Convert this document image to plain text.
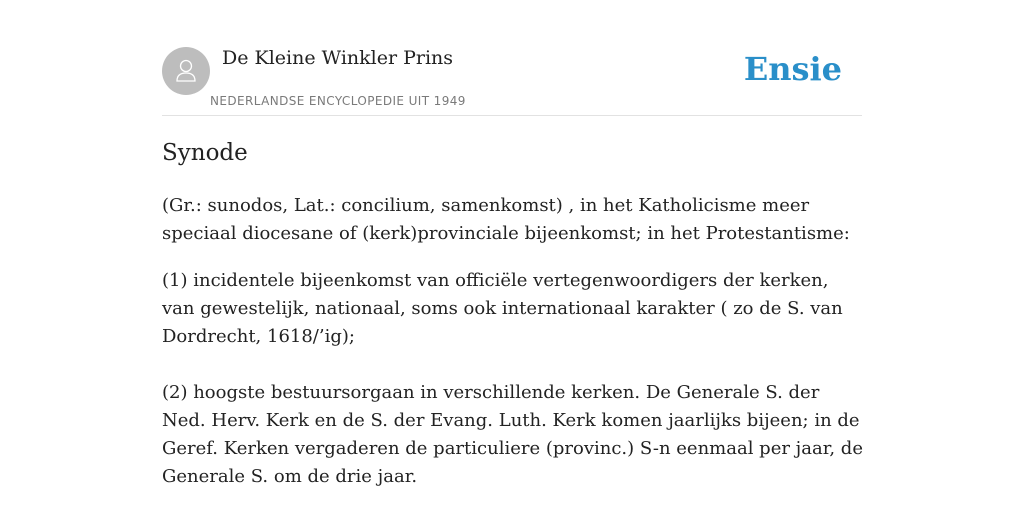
De Kleine Winkler Prins
NEDERLANDSE ENCYCLOPEDIE UIT 1949
Ensie
Synode

(Gr.: sunodos, Lat.: concilium, samenkomst) , in het Katholicisme meer speciaal diocesane of (kerk)provinciale bijeenkomst; in het Protestantisme:

(1) incidentele bijeenkomst van officiële vertegenwoordigers der kerken, van gewestelijk, nationaal, soms ook internationaal karakter ( zo de S. van Dordrecht, 1618/’ig);

(2) hoogste bestuursorgaan in verschillende kerken. De Generale S. der Ned. Herv. Kerk en de S. der Evang. Luth. Kerk komen jaarlijks bijeen; in de Geref. Kerken vergaderen de particuliere (provinc.) S-n eenmaal per jaar, de Generale S. om de drie jaar.
